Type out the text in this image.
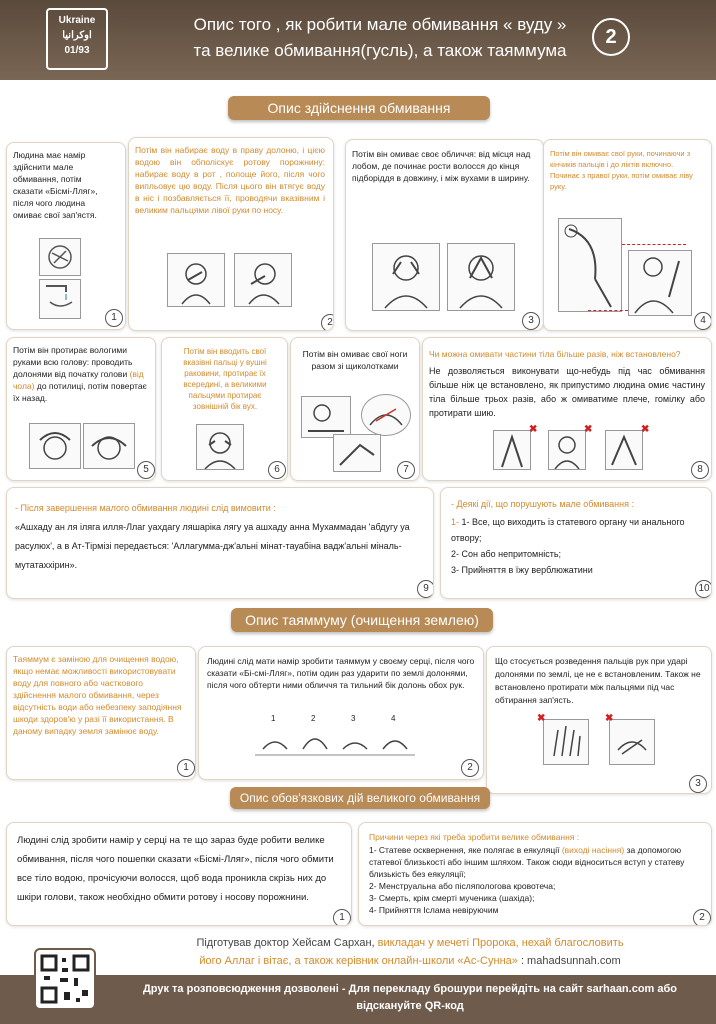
Ukraine
اوكرانيا
01/93
Опис того , як робити мале обмивання « вуду »
та велике обмивання(гусль), а також таяммума
2
Опис здійснення обмивання
Людина має намір здійснити мале обмивання, потім сказати «Бісмі-Лляг», після чого людина омиває свої зап'ястя.
1
Потім він набирає воду в праву долоню, і цією водою він обполіскує ротову порожнину: набирає воду в рот , полоще його, після чого випльовує цю воду. Після цього він втягує воду в ніс і позбавляється її, проводячи вказівним і великим пальцями лівої руки по носу.
2
Потім він омиває своє обличчя: від місця над лобом, де починає рости волосся до кінця підборіддя в довжину, і між вухами в ширину.
3
Потім він омиває свої руки, починаючи з кінчиків пальців і до ліктів включно. Починає з правої руки, потім омиває ліву руку.
4
Потім він протирає вологими руками всю голову: проводить долонями від початку голови (від чола) до потилиці, потім повертає їх назад.
5
Потім він вводить свої вказівні пальці у вушні раковини, протирає їх всередині, а великими пальцями протирає зовнішній бік вух.
6
Потім він омиває свої ноги разом зі щиколотками
7
Чи можна омивати частини тіла більше разів, ніж встановлено?
Не дозволяється виконувати що-небудь під час обмивання більше ніж це встановлено, як припустимо людина омиє частину тіла більше трьох разів, або ж омиватиме плече, гомілку або протирати шию.
✖	✖	✖
8
- Після завершення малого обмивання людині слід вимовити :
«Ашхаду ан ля іляга илля-Ллаг уахдагу ляшаріка лягу уа ашхаду анна Мухаммадан 'абдугу уа расулюх', а в Ат-Тірмізі передається: 'Аллагумма-дж'альні мінат-тауабіна вадж'альні міналь-мутатаххірин».
9
- Деякі дії, що порушують мале обмивання :
1- 1- Все, що виходить із статевого органу чи анального отвору;
2- Сон або непритомність;
3- Прийняття в їжу верблюжатини
10
Опис таяммуму (очищення землею)
Таяммум є заміною для очищення водою, якщо немає можливості використовувати воду для повного або часткового здійснення малого обмивання, через відсутність води або небезпеку заподіяння шкоди здоров'ю у разі її використання. В даному випадку земля замінює воду.
1
Людині слід мати намір зробити таяммум у своєму серці, після чого сказати «Бі-смі-Лляг», потім один раз ударити по землі долонями, після чого обтерти ними обличчя та тильний бік долонь обох рук.
1	2	3	4
2
Що стосується розведення пальців рук при ударі долонями по землі, це не є встановленим. Також не встановлено протирати між пальцями під час обтирання зап'ясть.
✖	✖
3
Опис обов'язкових дій великого обмивання
Людині слід зробити намір у серці на те що зараз буде робити велике обмивання, після чого пошепки сказати «Бісмі-Лляг», після чого обмити все тіло водою, прочісуючи волосся, щоб вода проникла скрізь них до шкіри голови, також необхідно обмити ротову і носову порожнини.
1
Причини через які треба зробити велике обмивання :
1- Статеве осквернення, яке полягає в еякуляції (виході насіння) за допомогою статевої близькості або іншим шляхом. Також сюди відноситься вступ у статеву близькість без еякуляції;
2- Менструальна або післяпологова кровотеча;
3- Смерть, крім смерті мученика (шахіда);
4- Прийняття Іслама невіруючим
2
Підготував доктор Хейсам Сархан, викладач у мечеті Пророка, нехай благословить
його Аллаг і вітає, а також керівник онлайн-школи «Ас-Сунна» : mahadsunnah.com
Друк та розповсюдження дозволені - Для перекладу брошури перейдіть на сайт sarhaan.com або
відскануйте QR-код
